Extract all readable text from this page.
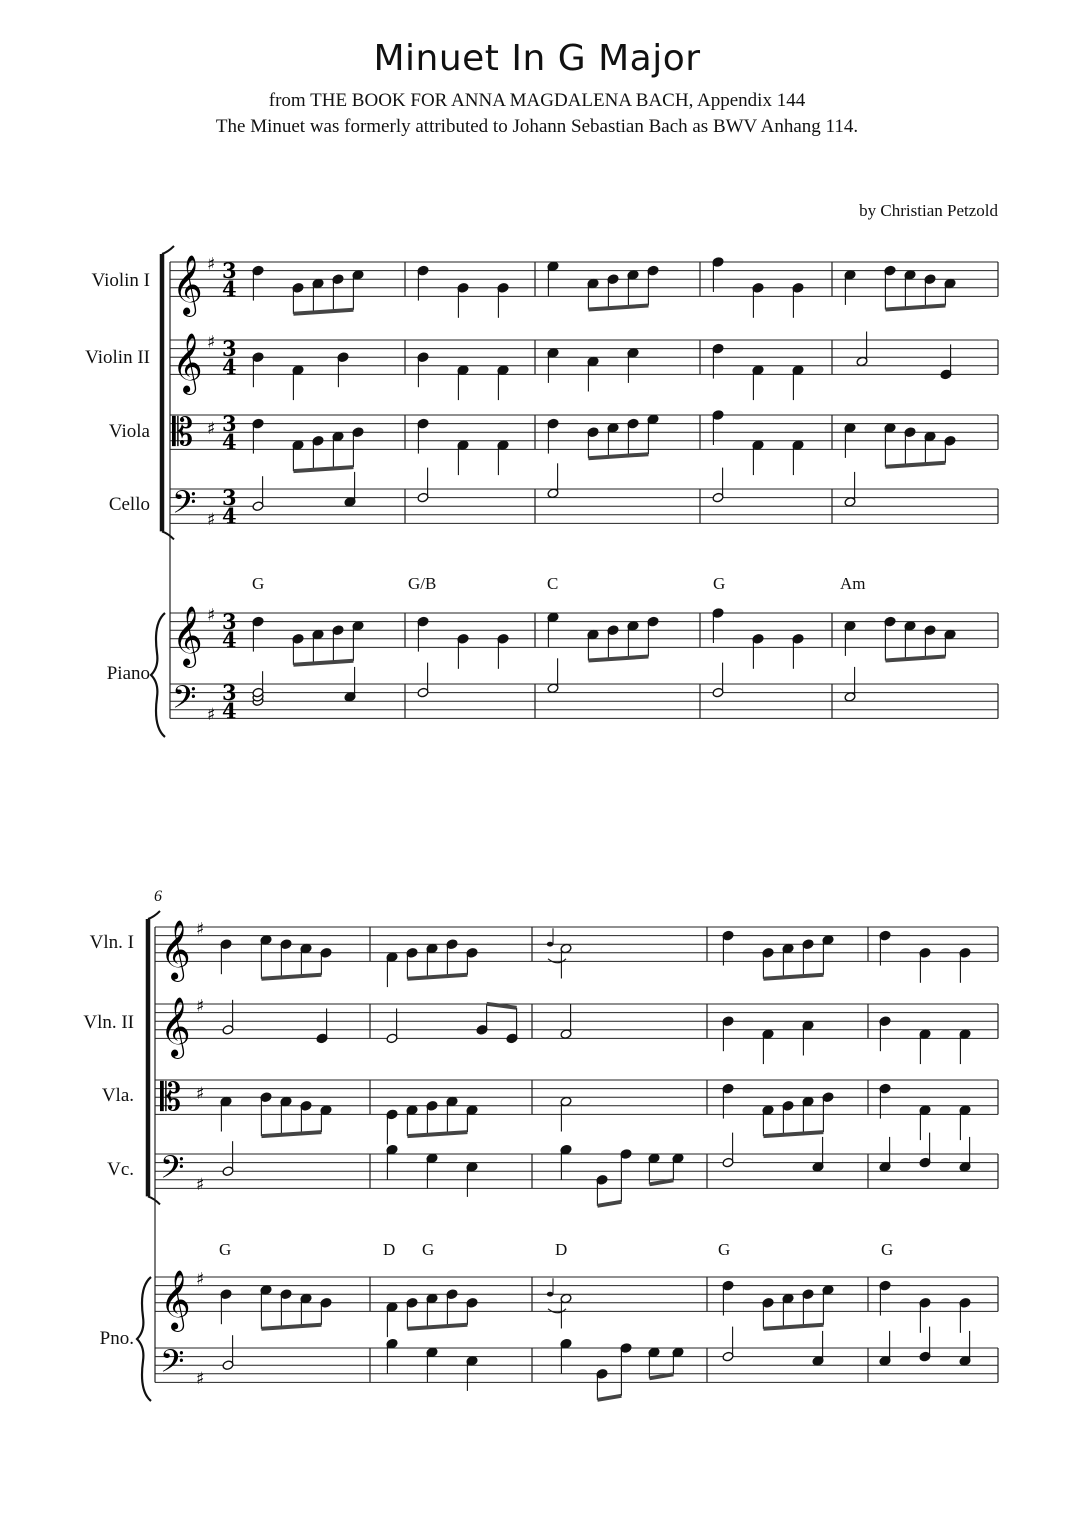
Minuet In G Major
from THE BOOK FOR ANNA MAGDALENA BACH, Appendix 144
The Minuet was formerly attributed to Johann Sebastian Bach as BWV Anhang 114.
by Christian Petzold
Violin I
Violin II
Viola
Cello
Piano
G	G/B	C	G	Am
6
Vln. I
Vln. II
Vla.
Vc.
Pno.
G	D G	D	G	G
𝄞 ♯ 3
4
𝄞 ♯ 3
4
𝄡 ♯ 3
4
𝄢 ♯
3
4
𝄞 ♯ 3
4
𝄢 ♯
3
4
𝄞 ♯
𝄞 ♯
𝄡 ♯
𝄢 ♯
𝄞 ♯
𝄢 ♯
